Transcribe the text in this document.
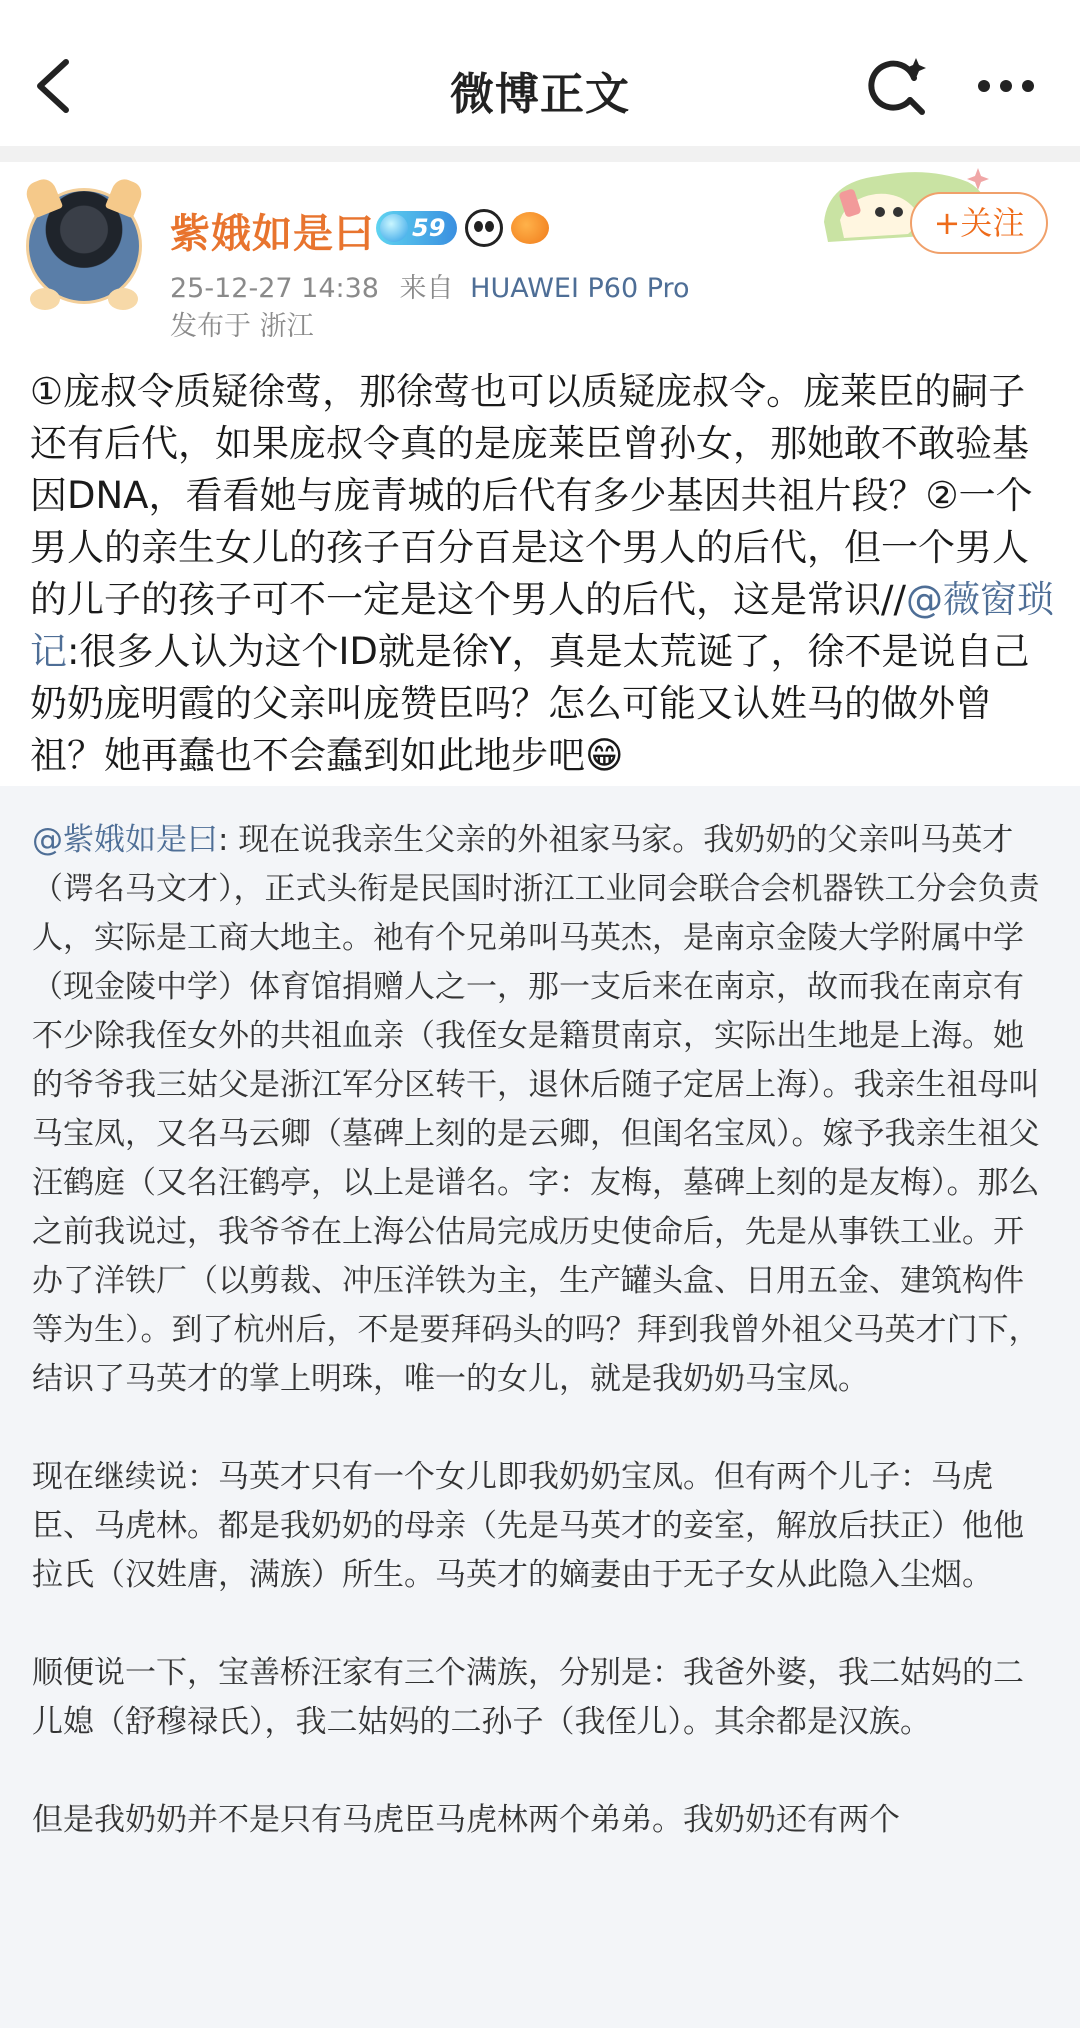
微博正文
紫娥如是曰	59
25-12-27 14:38 来自 HUAWEI P60 Pro
发布于 浙江
+关注

①庞叔令质疑徐莺，那徐莺也可以质疑庞叔令。庞莱臣的嗣子还有后代，如果庞叔令真的是庞莱臣曾孙女，那她敢不敢验基因DNA，看看她与庞青城的后代有多少基因共祖片段？②一个男人的亲生女儿的孩子百分百是这个男人的后代，但一个男人的儿子的孩子可不一定是这个男人的后代，这是常识//@薇窗琐记:很多人认为这个ID就是徐Y，真是太荒诞了，徐不是说自己奶奶庞明霞的父亲叫庞赞臣吗？怎么可能又认姓马的做外曾祖？她再蠢也不会蠢到如此地步吧😁

@紫娥如是曰: 现在说我亲生父亲的外祖家马家。我奶奶的父亲叫马英才（谔名马文才），正式头衔是民国时浙江工业同会联合会机器铁工分会负责人，实际是工商大地主。祂有个兄弟叫马英杰，是南京金陵大学附属中学（现金陵中学）体育馆捐赠人之一，那一支后来在南京，故而我在南京有不少除我侄女外的共祖血亲（我侄女是籍贯南京，实际出生地是上海。她的爷爷我三姑父是浙江军分区转干，退休后随子定居上海）。我亲生祖母叫马宝凤，又名马云卿（墓碑上刻的是云卿，但闺名宝凤）。嫁予我亲生祖父汪鹤庭（又名汪鹤亭，以上是谱名。字：友梅，墓碑上刻的是友梅）。那么之前我说过，我爷爷在上海公估局完成历史使命后，先是从事铁工业。开办了洋铁厂（以剪裁、冲压洋铁为主，生产罐头盒、日用五金、建筑构件等为生）。到了杭州后，不是要拜码头的吗？拜到我曾外祖父马英才门下，结识了马英才的掌上明珠，唯一的女儿，就是我奶奶马宝凤。

现在继续说：马英才只有一个女儿即我奶奶宝凤。但有两个儿子：马虎臣、马虎林。都是我奶奶的母亲（先是马英才的妾室，解放后扶正）他他拉氏（汉姓唐，满族）所生。马英才的嫡妻由于无子女从此隐入尘烟。

顺便说一下，宝善桥汪家有三个满族，分别是：我爸外婆，我二姑妈的二儿媳（舒穆禄氏），我二姑妈的二孙子（我侄儿）。其余都是汉族。

但是我奶奶并不是只有马虎臣马虎林两个弟弟。我奶奶还有两个
